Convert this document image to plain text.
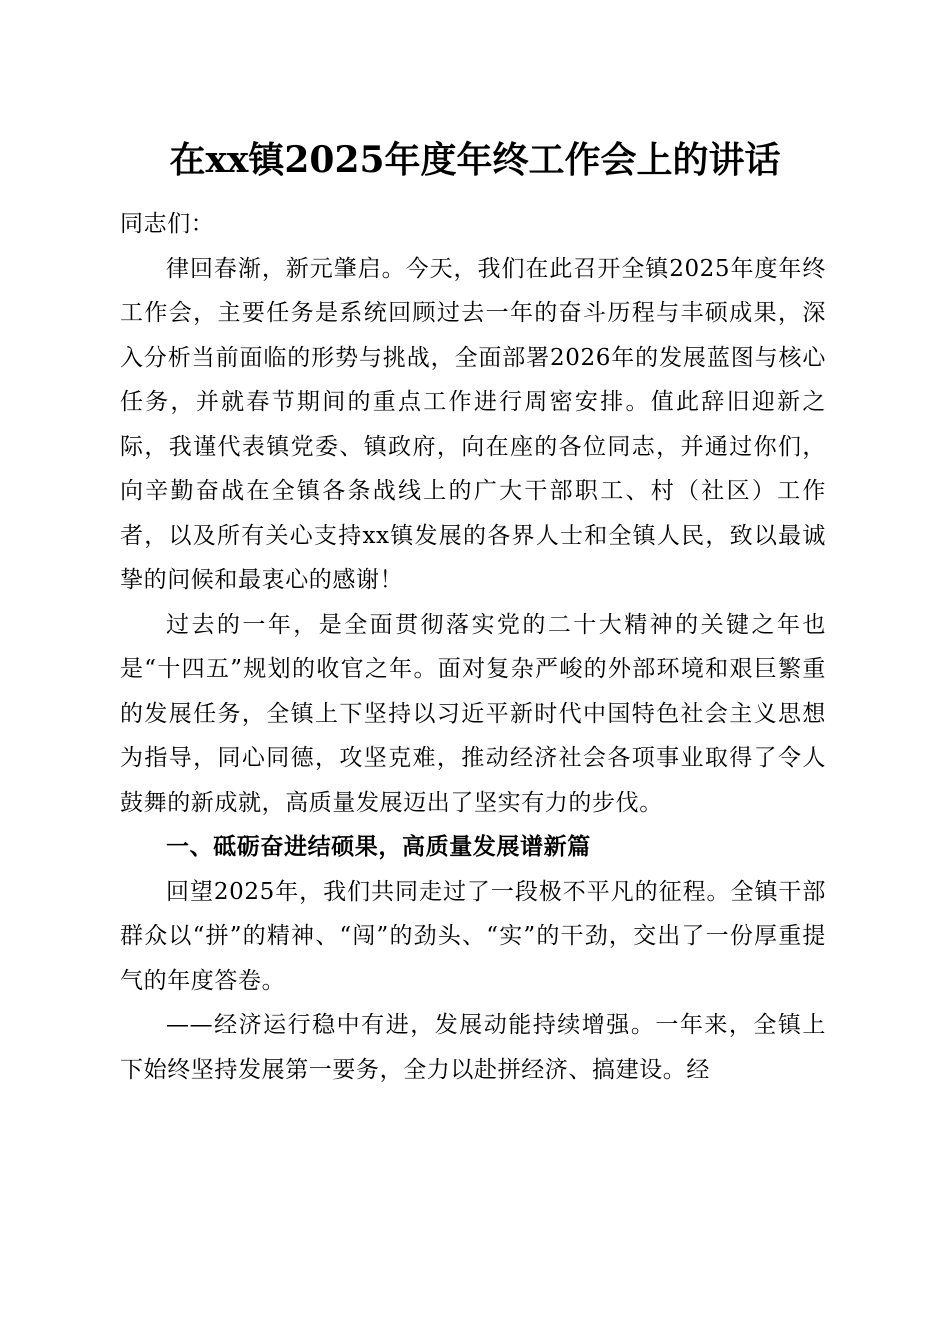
在xx镇2025年度年终工作会上的讲话

同志们：

律回春渐，新元肇启。今天，我们在此召开全镇2025年度年终工作会，主要任务是系统回顾过去一年的奋斗历程与丰硕成果，深入分析当前面临的形势与挑战，全面部署2026年的发展蓝图与核心任务，并就春节期间的重点工作进行周密安排。值此辞旧迎新之际，我谨代表镇党委、镇政府，向在座的各位同志，并通过你们，向辛勤奋战在全镇各条战线上的广大干部职工、村（社区）工作者，以及所有关心支持xx镇发展的各界人士和全镇人民，致以最诚挚的问候和最衷心的感谢！

过去的一年，是全面贯彻落实党的二十大精神的关键之年也是“十四五”规划的收官之年。面对复杂严峻的外部环境和艰巨繁重的发展任务，全镇上下坚持以习近平新时代中国特色社会主义思想为指导，同心同德，攻坚克难，推动经济社会各项事业取得了令人鼓舞的新成就，高质量发展迈出了坚实有力的步伐。

一、砥砺奋进结硕果，高质量发展谱新篇

回望2025年，我们共同走过了一段极不平凡的征程。全镇干部群众以“拼”的精神、“闯”的劲头、“实”的干劲，交出了一份厚重提气的年度答卷。

——经济运行稳中有进，发展动能持续增强。一年来，全镇上下始终坚持发展第一要务，全力以赴拼经济、搞建设。经
